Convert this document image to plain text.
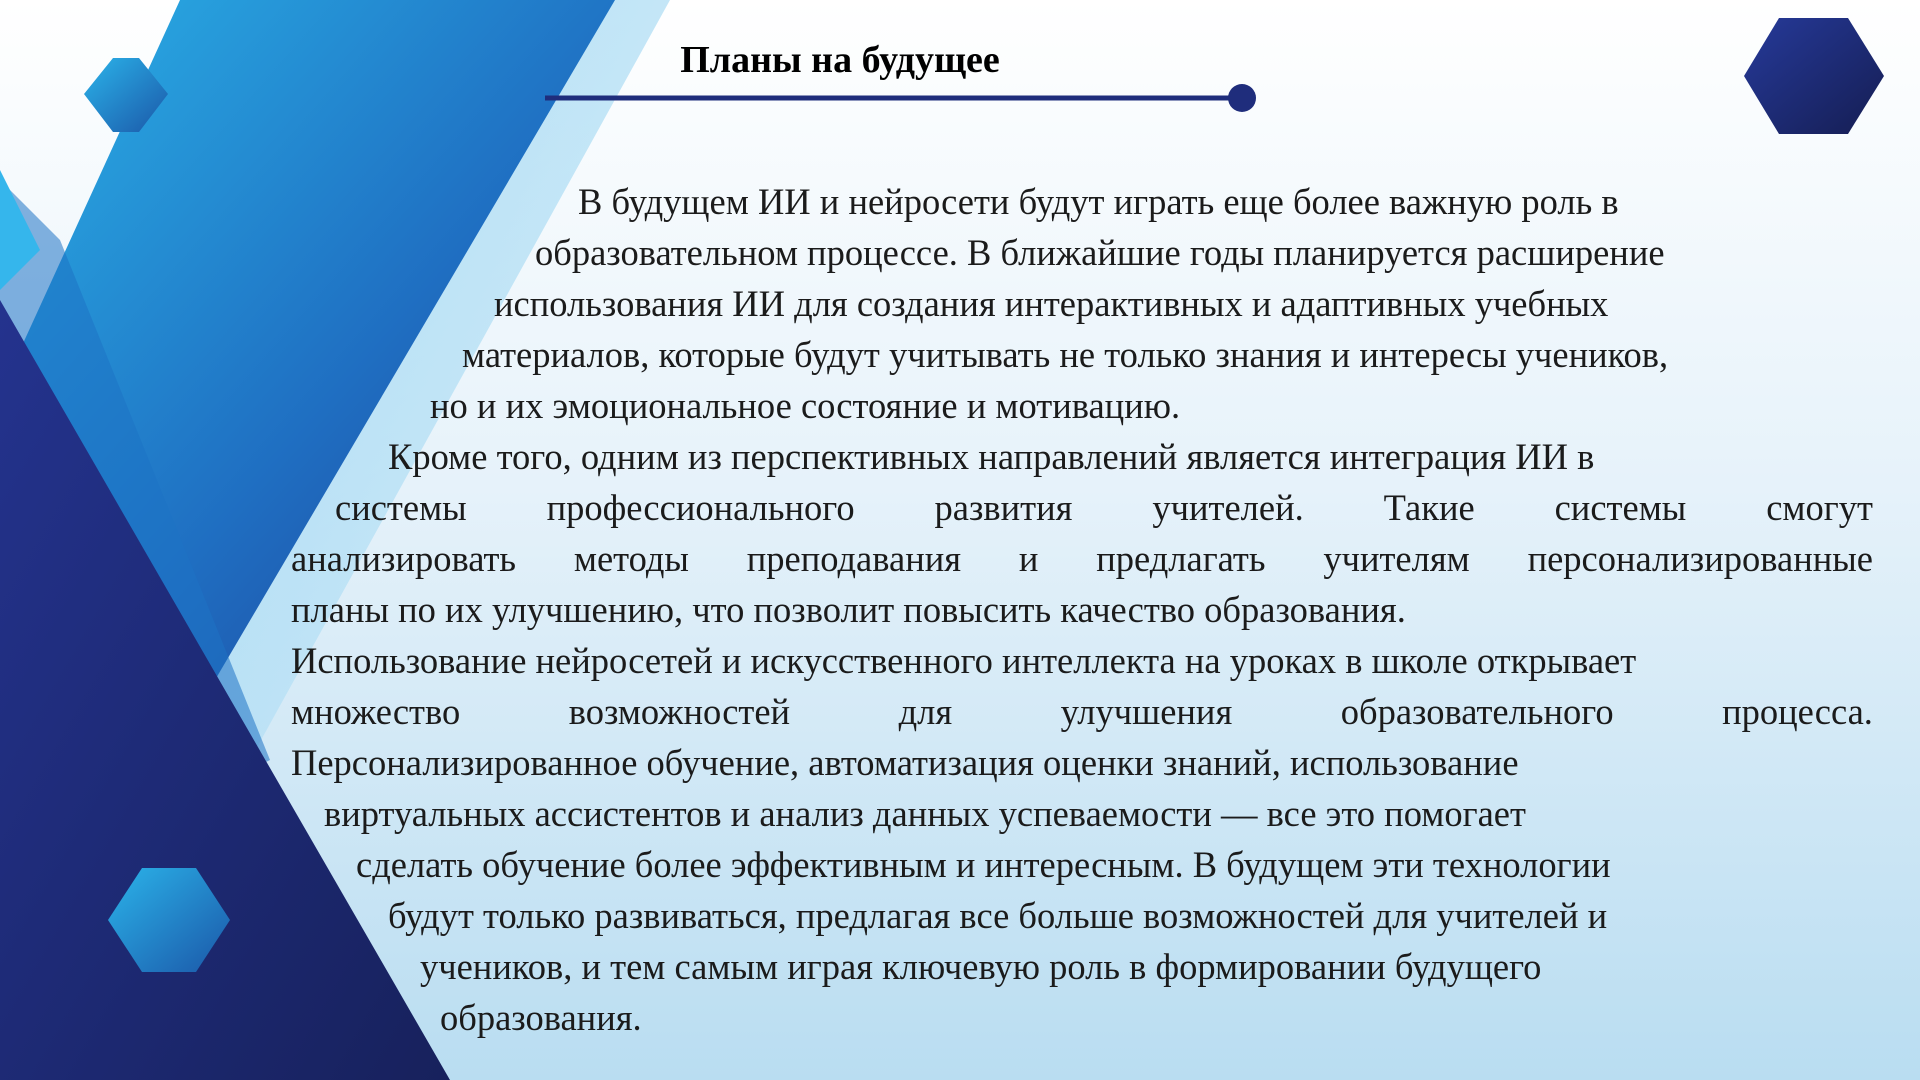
Планы на будущее
В будущем ИИ и нейросети будут играть еще более важную роль в
образовательном процессе. В ближайшие годы планируется расширение
использования ИИ для создания интерактивных и адаптивных учебных
материалов, которые будут учитывать не только знания и интересы учеников,
но и их эмоциональное состояние и мотивацию.
Кроме того, одним из перспективных направлений является интеграция ИИ в
системы профессионального развития учителей. Такие системы смогут
анализировать методы преподавания и предлагать учителям персонализированные
планы по их улучшению, что позволит повысить качество образования.
Использование нейросетей и искусственного интеллекта на уроках в школе открывает
множество	возможностей	для	улучшения	образовательного	процесса.
Персонализированное обучение, автоматизация оценки знаний, использование
виртуальных ассистентов и анализ данных успеваемости — все это помогает
сделать обучение более эффективным и интересным. В будущем эти технологии
будут только развиваться, предлагая все больше возможностей для учителей и
учеников, и тем самым играя ключевую роль в формировании будущего
образования.
